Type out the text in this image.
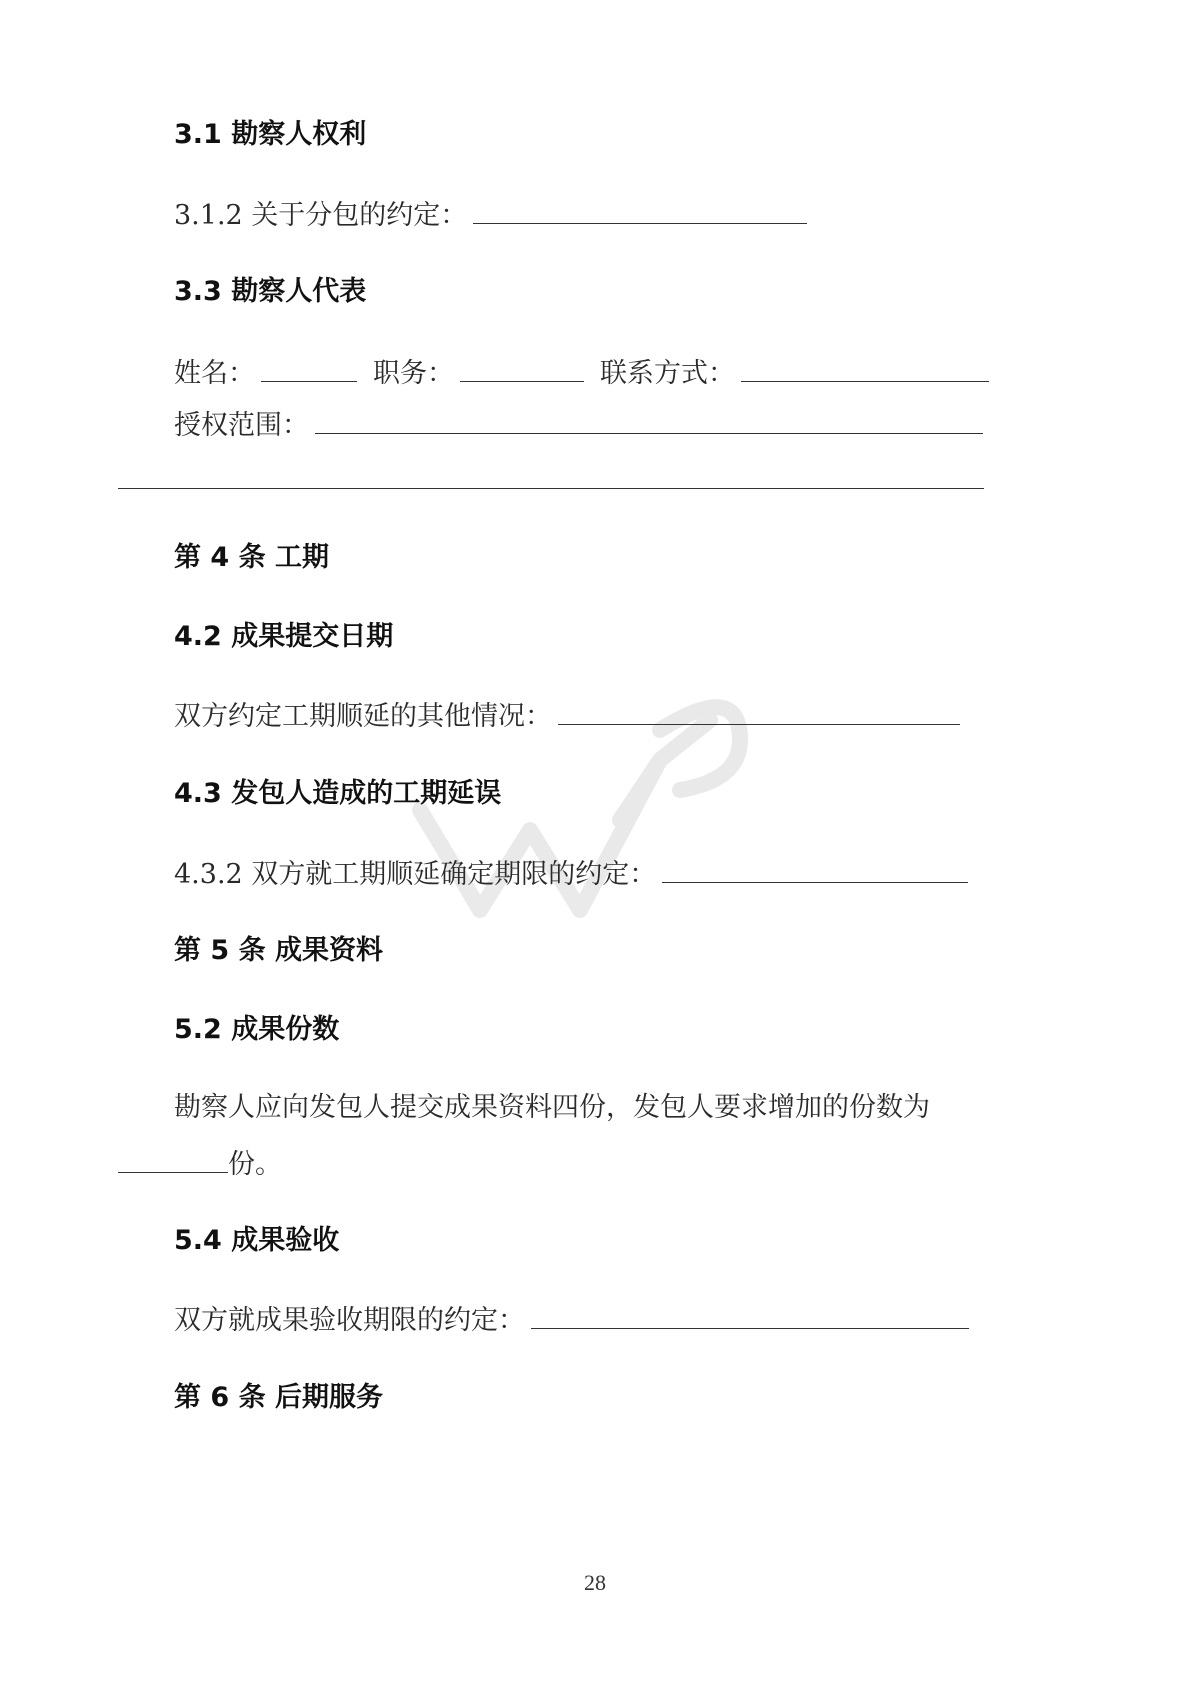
3.1 勘察人权利
3.1.2 关于分包的约定：
3.3 勘察人代表
姓名：	职务：	联系方式：
授权范围：
第 4 条 工期
4.2 成果提交日期
双方约定工期顺延的其他情况：
4.3 发包人造成的工期延误
4.3.2 双方就工期顺延确定期限的约定：
第 5 条 成果资料
5.2 成果份数
勘察人应向发包人提交成果资料四份，发包人要求增加的份数为
份。
5.4 成果验收
双方就成果验收期限的约定：
第 6 条 后期服务
28
